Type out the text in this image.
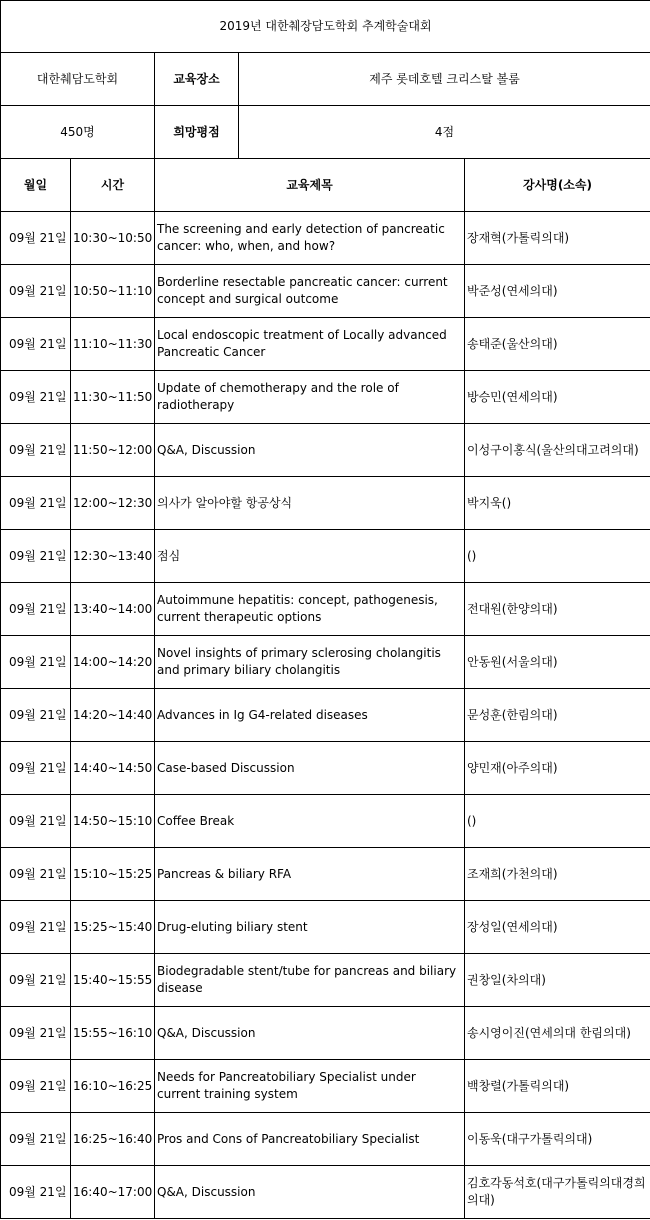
2019년 대한췌장담도학회 추계학술대회				
대한췌담도학회		교육장소	제주 롯데호텔 크리스탈 볼룸	
450명		희망평점	4점	
월일	시간	교육제목		강사명(소속)
09월 21일	10:30~10:50	The screening and early detection of pancreatic cancer: who, when, and how?		장재혁(가톨릭의대)
09월 21일	10:50~11:10	Borderline resectable pancreatic cancer: current concept and surgical outcome		박준성(연세의대)
09월 21일	11:10~11:30	Local endoscopic treatment of Locally advanced Pancreatic Cancer		송태준(울산의대)
09월 21일	11:30~11:50	Update of chemotherapy and the role of radiotherapy		방승민(연세의대)
09월 21일	11:50~12:00	Q&A, Discussion		이성구이홍식(울산의대고려의대)
09월 21일	12:00~12:30	의사가 알아야할 항공상식		박지욱()
09월 21일	12:30~13:40	점심		()
09월 21일	13:40~14:00	Autoimmune hepatitis: concept, pathogenesis, current therapeutic options		전대원(한양의대)
09월 21일	14:00~14:20	Novel insights of primary sclerosing cholangitis and primary biliary cholangitis		안동원(서울의대)
09월 21일	14:20~14:40	Advances in Ig G4-related diseases		문성훈(한림의대)
09월 21일	14:40~14:50	Case-based Discussion		양민재(아주의대)
09월 21일	14:50~15:10	Coffee Break		()
09월 21일	15:10~15:25	Pancreas & biliary RFA		조재희(가천의대)
09월 21일	15:25~15:40	Drug-eluting biliary stent		장성일(연세의대)
09월 21일	15:40~15:55	Biodegradable stent/tube for pancreas and biliary disease		권창일(차의대)
09월 21일	15:55~16:10	Q&A, Discussion		송시영이진(연세의대 한림의대)
09월 21일	16:10~16:25	Needs for Pancreatobiliary Specialist under current training system		백창렬(가톨릭의대)
09월 21일	16:25~16:40	Pros and Cons of Pancreatobiliary Specialist		이동욱(대구가톨릭의대)
09월 21일	16:40~17:00	Q&A, Discussion		김호각동석호(대구가톨릭의대경희의대)
